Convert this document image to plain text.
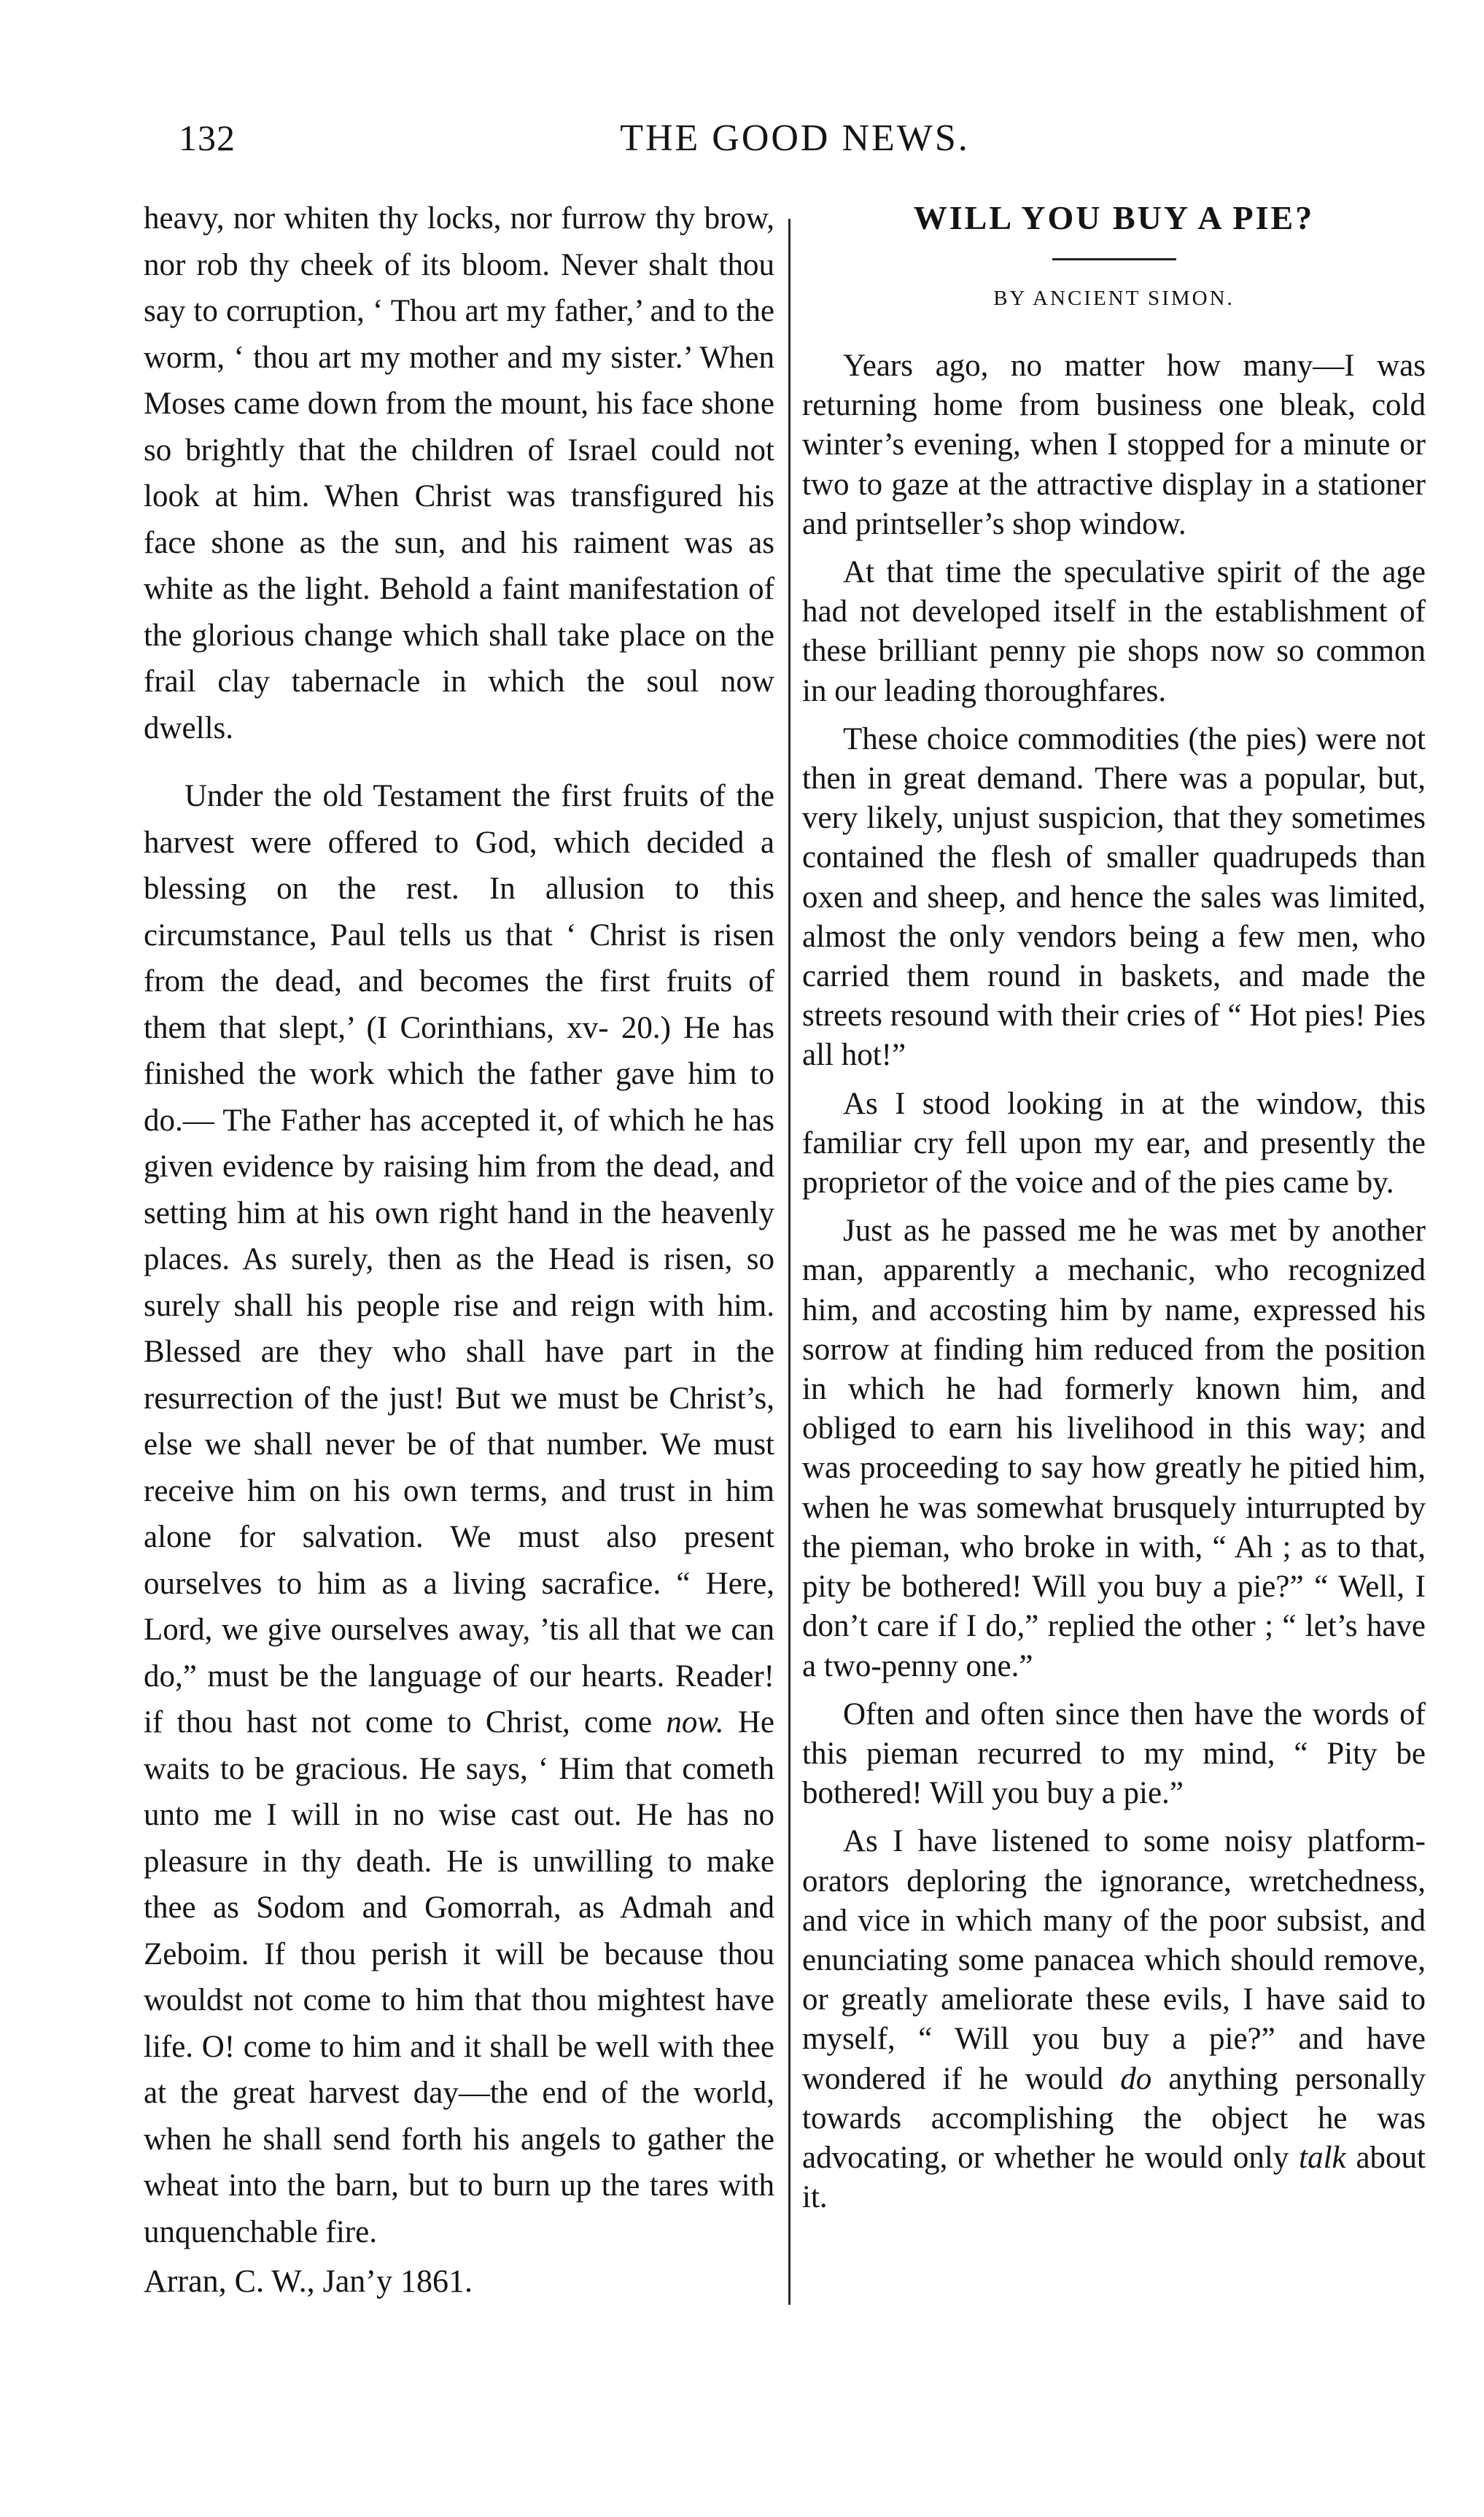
132	THE GOOD NEWS.

heavy, nor whiten thy locks, nor furrow thy brow, nor rob thy cheek of its bloom. Never shalt thou say to corruption, ‘ Thou art my father,’ and to the worm, ‘ thou art my mother and my sister.’ When Moses came down from the mount, his face shone so brightly that the children of Israel could not look at him. When Christ was transfigured his face shone as the sun, and his raiment was as white as the light. Behold a faint manifestation of the glorious change which shall take place on the frail clay tabernacle in which the soul now dwells.

Under the old Testament the first fruits of the harvest were offered to God, which decided a blessing on the rest. In allusion to this circumstance, Paul tells us that ‘ Christ is risen from the dead, and becomes the first fruits of them that slept,’ (I Corinthians, xv- 20.) He has finished the work which the father gave him to do.— The Father has accepted it, of which he has given evidence by raising him from the dead, and setting him at his own right hand in the heavenly places. As surely, then as the Head is risen, so surely shall his people rise and reign with him. Blessed are they who shall have part in the resurrection of the just! But we must be Christ’s, else we shall never be of that number. We must receive him on his own terms, and trust in him alone for salvation. We must also present ourselves to him as a living sacrafice. “ Here, Lord, we give ourselves away, ’tis all that we can do,” must be the language of our hearts. Reader! if thou hast not come to Christ, come now. He waits to be gracious. He says, ‘ Him that cometh unto me I will in no wise cast out. He has no pleasure in thy death. He is unwilling to make thee as Sodom and Gomorrah, as Admah and Zeboim. If thou perish it will be because thou wouldst not come to him that thou mightest have life. O! come to him and it shall be well with thee at the great harvest day—the end of the world, when he shall send forth his angels to gather the wheat into the barn, but to burn up the tares with unquenchable fire.

Arran, C. W., Jan’y 1861.

WILL YOU BUY A PIE?
BY ANCIENT SIMON.

Years ago, no matter how many—I was returning home from business one bleak, cold winter’s evening, when I stopped for a minute or two to gaze at the attractive display in a stationer and printseller’s shop window.

At that time the speculative spirit of the age had not developed itself in the establishment of these brilliant penny pie shops now so common in our leading thoroughfares.

These choice commodities (the pies) were not then in great demand. There was a popular, but, very likely, unjust suspicion, that they sometimes contained the flesh of smaller quadrupeds than oxen and sheep, and hence the sales was limited, almost the only vendors being a few men, who carried them round in baskets, and made the streets resound with their cries of “ Hot pies! Pies all hot!”

As I stood looking in at the window, this familiar cry fell upon my ear, and presently the proprietor of the voice and of the pies came by.

Just as he passed me he was met by another man, apparently a mechanic, who recognized him, and accosting him by name, expressed his sorrow at finding him reduced from the position in which he had formerly known him, and obliged to earn his livelihood in this way; and was proceeding to say how greatly he pitied him, when he was somewhat brusquely inturrupted by the pieman, who broke in with, “ Ah ; as to that, pity be bothered! Will you buy a pie?” “ Well, I don’t care if I do,” replied the other ; “ let’s have a two-penny one.”

Often and often since then have the words of this pieman recurred to my mind, “ Pity be bothered! Will you buy a pie.”

As I have listened to some noisy platform-orators deploring the ignorance, wretchedness, and vice in which many of the poor subsist, and enunciating some panacea which should remove, or greatly ameliorate these evils, I have said to myself, “ Will you buy a pie?” and have wondered if he would do anything personally towards accomplishing the object he was advocating, or whether he would only talk about it.
